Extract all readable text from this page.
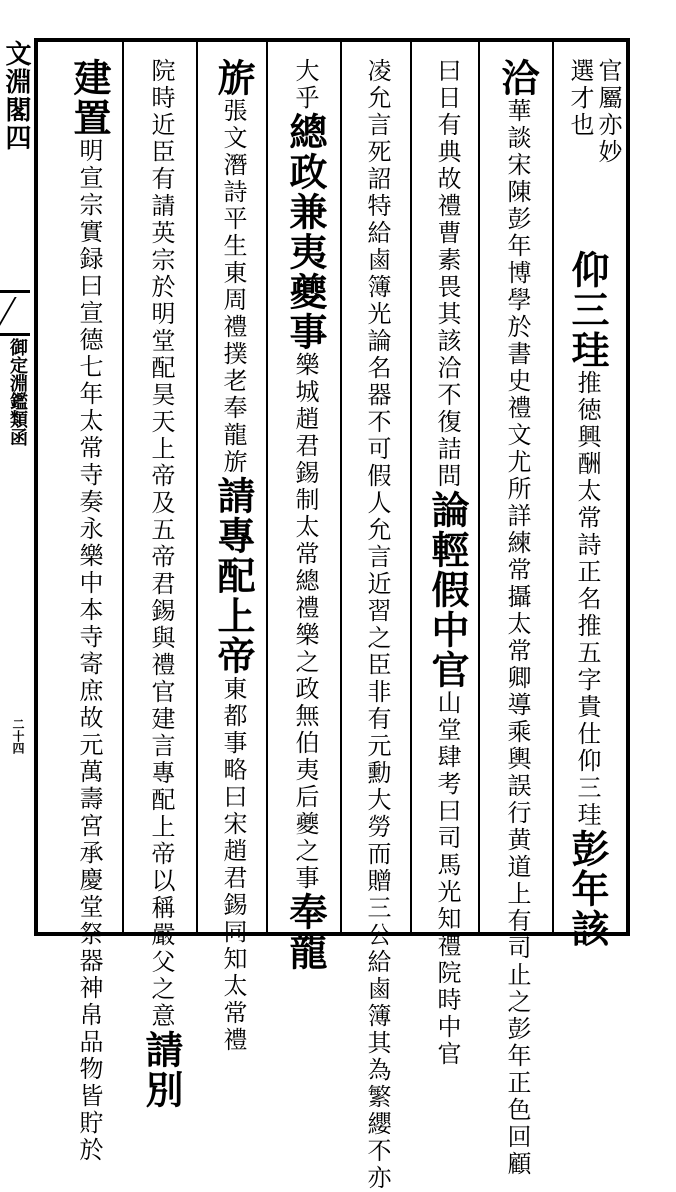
文淵閣四
御定淵鑑類函
二十四
官屬亦妙
選才也
洽華談宋陳彭年博學於書史禮文尤所詳練常攝太常卿導乘輿誤行黄道上有司止之彭年正色回顧
曰日有典故禮曹素畏其該洽不復詰問論輕假中官山堂肆考曰司馬光知禮院時中官
凌允言死詔特給鹵簿光論名器不可假人允言近習之臣非有元勳大勞而贈三公給鹵簿其為繁纓不亦
大乎總政兼夷夔事樂城趙君錫制太常總禮樂之政無伯夷后夔之事奉龍
旂張文潛詩平生東周禮撲老奉龍旂請專配上帝東都事略曰宋趙君錫同知太常禮
院時近臣有請英宗於明堂配昊天上帝及五帝君錫與禮官建言專配上帝以稱嚴父之意請別
建置明宣宗實録曰宣德七年太常寺奏永樂中本寺寄庶故元萬壽宮承慶堂祭器神帛品物皆貯於	仰三珪推徳興酬太常詩正名推五字貴仕仰三珪彭年該
